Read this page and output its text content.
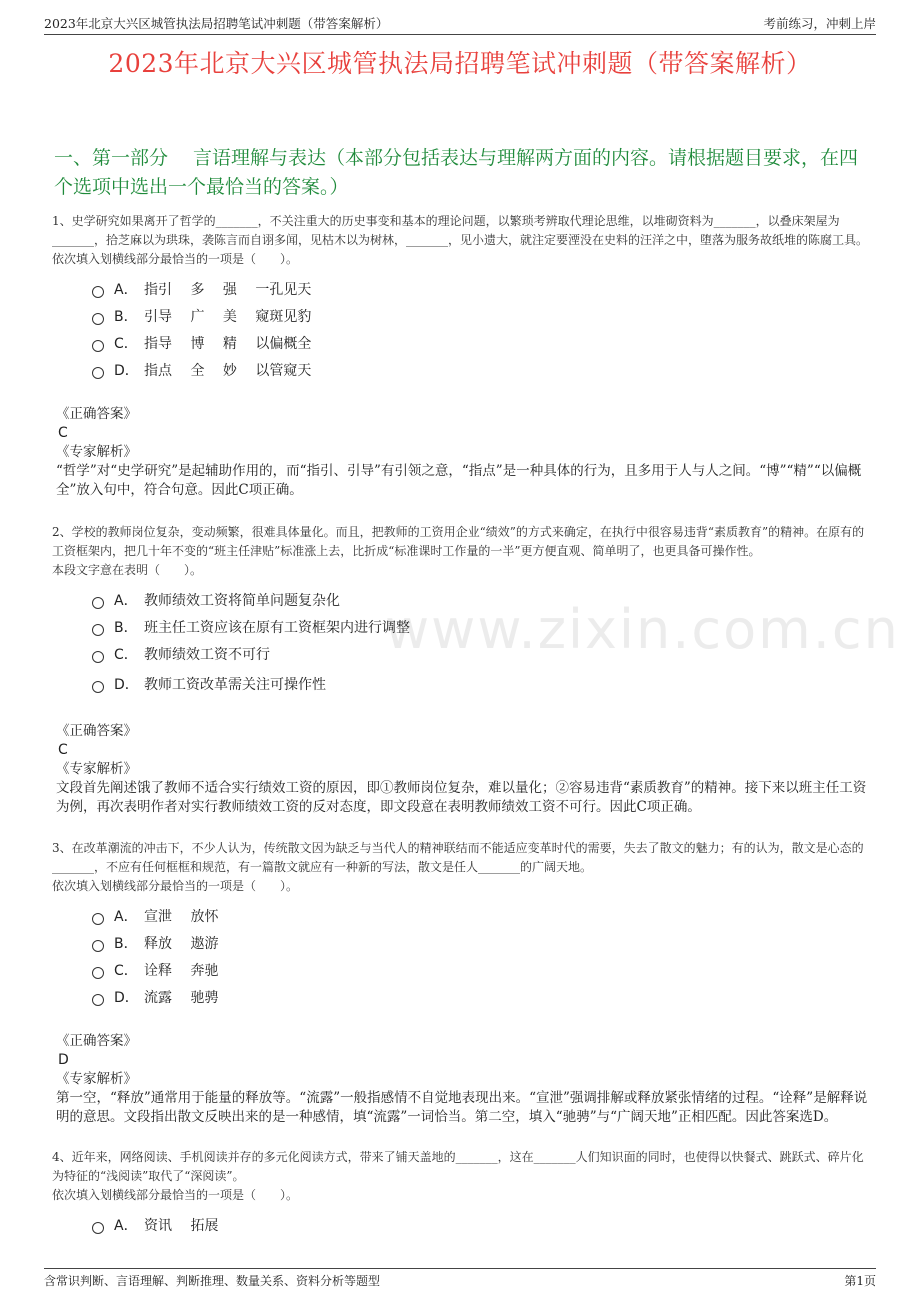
2023年北京大兴区城管执法局招聘笔试冲刺题（带答案解析）	考前练习，冲刺上岸
2023年北京大兴区城管执法局招聘笔试冲刺题（带答案解析）
一、第一部分　 言语理解与表达（本部分包括表达与理解两方面的内容。请根据题目要求，在四个选项中选出一个最恰当的答案。）
www.zixin.com.cn
1、史学研究如果离开了哲学的_______，不关注重大的历史事变和基本的理论问题，以繁琐考辨取代理论思维，以堆砌资料为_______，以叠床架屋为_______，拾芝麻以为珙珠，袭陈言而自诩多闻，见枯木以为树林，_______，见小遗大，就注定要湮没在史料的汪洋之中，堕落为服务故纸堆的陈腐工具。
依次填入划横线部分最恰当的一项是（　　）。
A． 指引　 多　 强　 一孔见天
B． 引导　 广　 美　 窥斑见豹
C． 指导　 博　 精　 以偏概全
D． 指点　 全　 妙　 以管窥天
《正确答案》
C
《专家解析》
“哲学”对“史学研究”是起辅助作用的，而“指引、引导”有引领之意，“指点”是一种具体的行为，且多用于人与人之间。“博”“精”“以偏概全”放入句中，符合句意。因此C项正确。
2、学校的教师岗位复杂，变动频繁，很难具体量化。而且，把教师的工资用企业“绩效”的方式来确定，在执行中很容易违背“素质教育”的精神。在原有的工资框架内，把几十年不变的“班主任津贴”标准涨上去，比折成“标准课时工作量的一半”更方便直观、简单明了，也更具备可操作性。
本段文字意在表明（　　）。
A． 教师绩效工资将简单问题复杂化
B． 班主任工资应该在原有工资框架内进行调整
C． 教师绩效工资不可行
D． 教师工资改革需关注可操作性
《正确答案》
C
《专家解析》
文段首先阐述饿了教师不适合实行绩效工资的原因，即①教师岗位复杂，难以量化；②容易违背“素质教育”的精神。接下来以班主任工资为例，再次表明作者对实行教师绩效工资的反对态度，即文段意在表明教师绩效工资不可行。因此C项正确。
3、在改革潮流的冲击下，不少人认为，传统散文因为缺乏与当代人的精神联结而不能适应变革时代的需要，失去了散文的魅力；有的认为，散文是心态的_______，不应有任何框框和规范，有一篇散文就应有一种新的写法，散文是任人_______的广阔天地。
依次填入划横线部分最恰当的一项是（　　）。
A． 宣泄　 放怀
B． 释放　 遨游
C． 诠释　 奔驰
D． 流露　 驰骋
《正确答案》
D
《专家解析》
第一空，“释放”通常用于能量的释放等。“流露”一般指感情不自觉地表现出来。“宣泄”强调排解或释放紧张情绪的过程。“诠释”是解释说明的意思。文段指出散文反映出来的是一种感情，填“流露”一词恰当。第二空，填入“驰骋”与“广阔天地”正相匹配。因此答案选D。
4、近年来，网络阅读、手机阅读并存的多元化阅读方式，带来了铺天盖地的_______，这在_______人们知识面的同时，也使得以快餐式、跳跃式、碎片化为特征的“浅阅读”取代了“深阅读”。
依次填入划横线部分最恰当的一项是（　　）。
A． 资讯　 拓展
含常识判断、言语理解、判断推理、数量关系、资料分析等题型	第1页
